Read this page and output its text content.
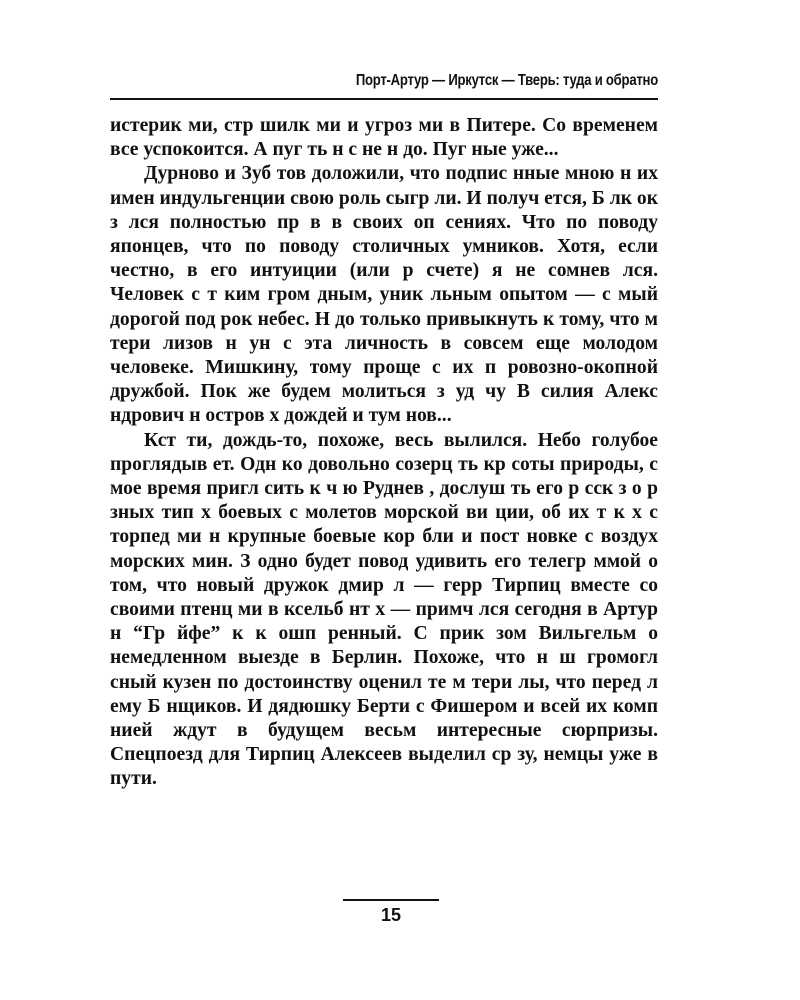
Порт-Артур — Иркутск — Тверь: туда и обратно

истерик ми, стр шилк ми и угроз ми в Питере. Со временем все успокоится. А пуг ть н с не н до. Пуг ные уже...

Дурново и Зуб тов доложили, что подпис нные мною н их имен индульгенции свою роль сыгр ли. И получ ется, Б лк ок з лся полностью пр в в своих оп сениях. Что по поводу японцев, что по поводу столичных умников. Хотя, если честно, в его интуиции (или р счете) я не сомнев лся. Человек с т ким гром дным, уник льным опытом — с мый дорогой под рок небес. Н до только привыкнуть к тому, что м тери лизов н ун с эта личность в совсем еще молодом человеке. Мишкину, тому проще с их п ровозно-окопной дружбой. Пок же будем молиться з уд чу В силия Алекс ндрович н остров х дождей и тум нов...

Кст ти, дождь-то, похоже, весь вылился. Небо голубое проглядыв ет. Одн ко довольно созерц ть кр соты природы, с мое время пригл сить к ч ю Руднев , дослуш ть его р сск з о р зных тип х боевых с молетов морской ви ции, об их т к х с торпед ми н крупные боевые кор бли и пост новке с воздух морских мин. З одно будет повод удивить его телегр ммой о том, что новый дружок дмир л — герр Тирпиц вместе со своими птенц ми в ксельб нт х — примч лся сегодня в Артур н “Гр йфе” к к ошп ренный. С прик зом Вильгельм о немедленном выезде в Берлин. Похоже, что н ш громогл сный кузен по достоинству оценил те м тери лы, что перед л ему Б нщиков. И дядюшку Берти с Фишером и всей их комп нией ждут в будущем весьм интересные сюрпризы. Спецпоезд для Тирпиц Алексеев выделил ср зу, немцы уже в пути.

15
